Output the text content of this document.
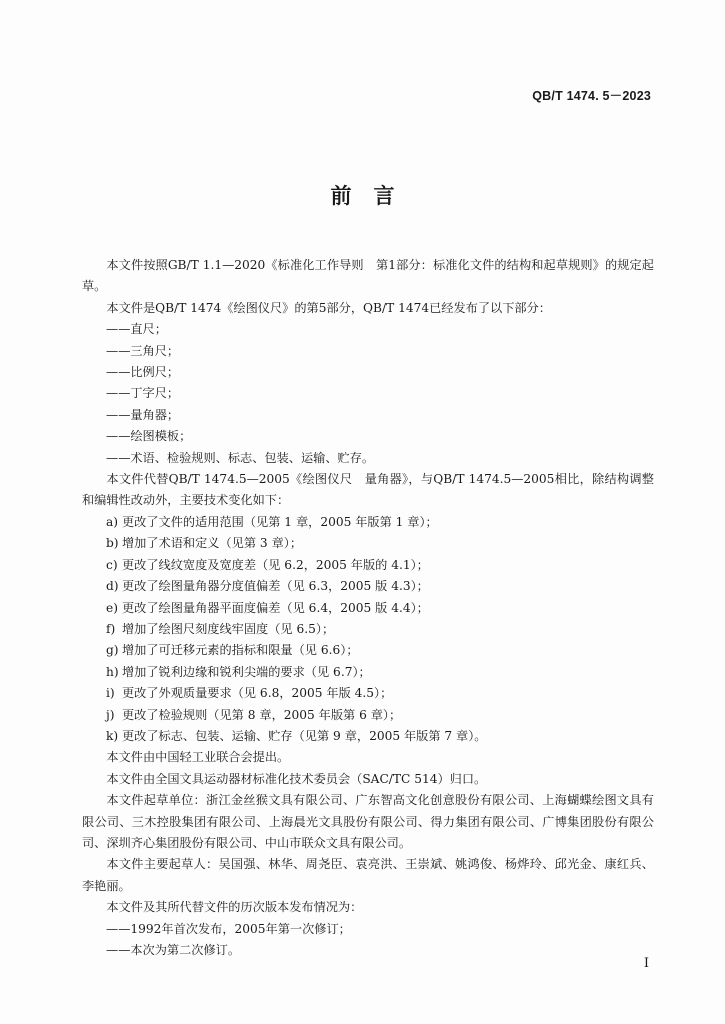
QB/T 1474. 5－2023
前言

本文件按照GB/T 1.1—2020《标准化工作导则　第1部分：标准化文件的结构和起草规则》的规定起草。

本文件是QB/T 1474《绘图仪尺》的第5部分，QB/T 1474已经发布了以下部分：

——直尺；

——三角尺；

——比例尺；

——丁字尺；

——量角器；

——绘图模板；

——术语、检验规则、标志、包装、运输、贮存。

本文件代替QB/T 1474.5—2005《绘图仪尺　量角器》，与QB/T 1474.5—2005相比，除结构调整和编辑性改动外，主要技术变化如下：

a) 更改了文件的适用范围（见第 1 章，2005 年版第 1 章）；

b) 增加了术语和定义（见第 3 章）；

c) 更改了线纹宽度及宽度差（见 6.2，2005 年版的 4.1）；

d) 更改了绘图量角器分度值偏差（见 6.3，2005 版 4.3）；

e) 更改了绘图量角器平面度偏差（见 6.4，2005 版 4.4）；

f) 增加了绘图尺刻度线牢固度（见 6.5）；

g) 增加了可迁移元素的指标和限量（见 6.6）；

h) 增加了锐利边缘和锐利尖端的要求（见 6.7）；

i) 更改了外观质量要求（见 6.8，2005 年版 4.5）；

j) 更改了检验规则（见第 8 章，2005 年版第 6 章）；

k) 更改了标志、包装、运输、贮存（见第 9 章，2005 年版第 7 章）。

本文件由中国轻工业联合会提出。

本文件由全国文具运动器材标准化技术委员会（SAC/TC 514）归口。

本文件起草单位：浙江金丝猴文具有限公司、广东智高文化创意股份有限公司、上海蝴蝶绘图文具有限公司、三木控股集团有限公司、上海晨光文具股份有限公司、得力集团有限公司、广博集团股份有限公司、深圳齐心集团股份有限公司、中山市联众文具有限公司。

本文件主要起草人：吴国强、林华、周尧臣、袁亮洪、王崇斌、姚鸿俊、杨烨玲、邱光金、康红兵、李艳丽。

本文件及其所代替文件的历次版本发布情况为：

——1992年首次发布，2005年第一次修订；

——本次为第二次修订。

I
